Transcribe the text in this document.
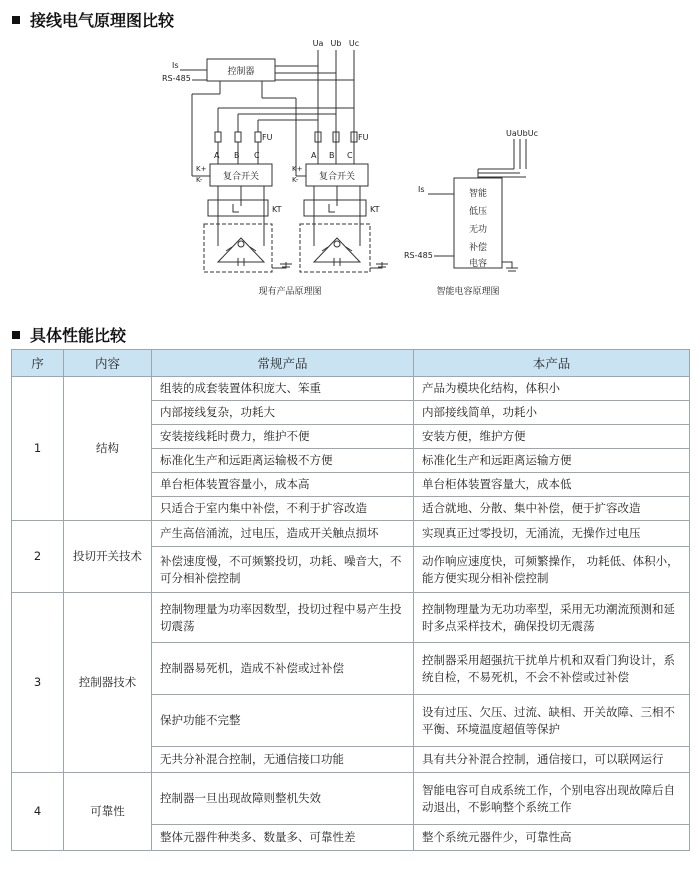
接线电气原理图比较
控制器
Is
RS-485
Ua Ub Uc
FU
A B C
复合开关
K+
K-
KT
FU
A B C
复合开关
K+
K-
KT
现有产品原理图
UaUbUc
智能
低压
无功
补偿
电容
Is
RS-485
智能电容原理图
具体性能比较
序	内容	常规产品	本产品
1	结构	组装的成套装置体积庞大、笨重	产品为模块化结构，体积小
		内部接线复杂，功耗大	内部接线简单，功耗小
		安装接线耗时费力，维护不便	安装方便，维护方便
		标准化生产和远距离运输极不方便	标准化生产和远距离运输方便
		单台柜体装置容量小，成本高	单台柜体装置容量大，成本低
		只适合于室内集中补偿，不利于扩容改造	适合就地、分散、集中补偿，便于扩容改造
2	投切开关技术	产生高倍涌流，过电压，造成开关触点损坏	实现真正过零投切，无涌流，无操作过电压
		补偿速度慢，不可频繁投切，功耗、噪音大，不可分相补偿控制	动作响应速度快，可频繁操作， 功耗低、体积小，能方便实现分相补偿控制
3	控制器技术	控制物理量为功率因数型，投切过程中易产生投切震荡	控制物理量为无功功率型，采用无功潮流预测和延时多点采样技术，确保投切无震荡
		控制器易死机，造成不补偿或过补偿	控制器采用超强抗干扰单片机和双看门狗设计，系统自检，不易死机，不会不补偿或过补偿
		保护功能不完整	设有过压、欠压、过流、缺相、开关故障、三相不平衡、环境温度超值等保护
		无共分补混合控制，无通信接口功能	具有共分补混合控制，通信接口，可以联网运行
4	可靠性	控制器一旦出现故障则整机失效	智能电容可自成系统工作，个别电容出现故障后自动退出，不影响整个系统工作
		整体元器件种类多、数量多、可靠性差	整个系统元器件少，可靠性高
